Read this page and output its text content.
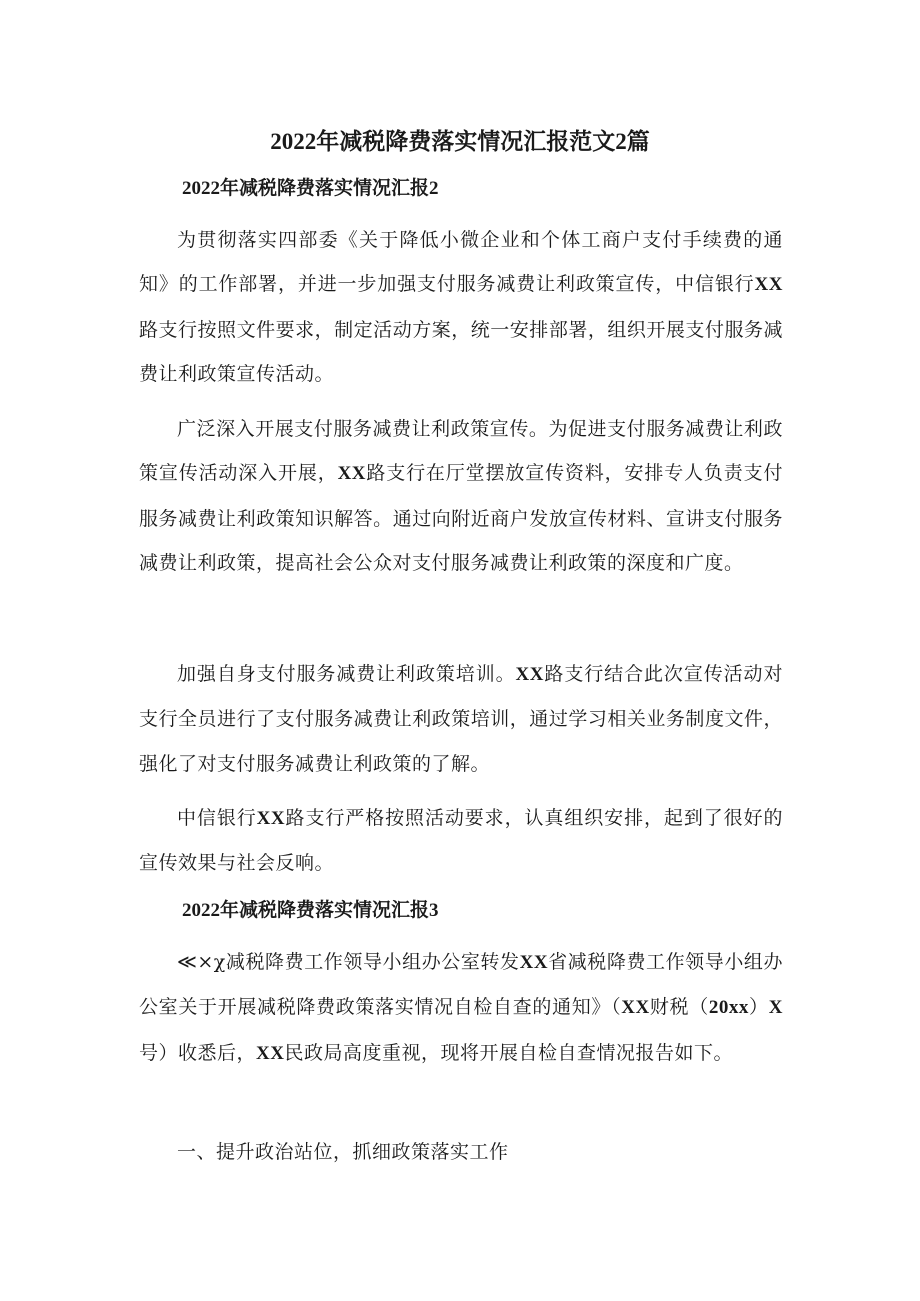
2022年减税降费落实情况汇报范文2篇
2022年减税降费落实情况汇报2

为贯彻落实四部委《关于降低小微企业和个体工商户支付手续费的通知》的工作部署，并进一步加强支付服务减费让利政策宣传，中信银行XX路支行按照文件要求，制定活动方案，统一安排部署，组织开展支付服务减费让利政策宣传活动。

广泛深入开展支付服务减费让利政策宣传。为促进支付服务减费让利政策宣传活动深入开展，XX路支行在厅堂摆放宣传资料，安排专人负责支付服务减费让利政策知识解答。通过向附近商户发放宣传材料、宣讲支付服务减费让利政策，提高社会公众对支付服务减费让利政策的深度和广度。

加强自身支付服务减费让利政策培训。XX路支行结合此次宣传活动对支行全员进行了支付服务减费让利政策培训，通过学习相关业务制度文件，强化了对支付服务减费让利政策的了解。

中信银行XX路支行严格按照活动要求，认真组织安排，起到了很好的宣传效果与社会反响。

2022年减税降费落实情况汇报3

≪×χ减税降费工作领导小组办公室转发XX省减税降费工作领导小组办公室关于开展减税降费政策落实情况自检自查的通知》（XX财税（20xx）X号）收悉后，XX民政局高度重视，现将开展自检自查情况报告如下。

一、提升政治站位，抓细政策落实工作
